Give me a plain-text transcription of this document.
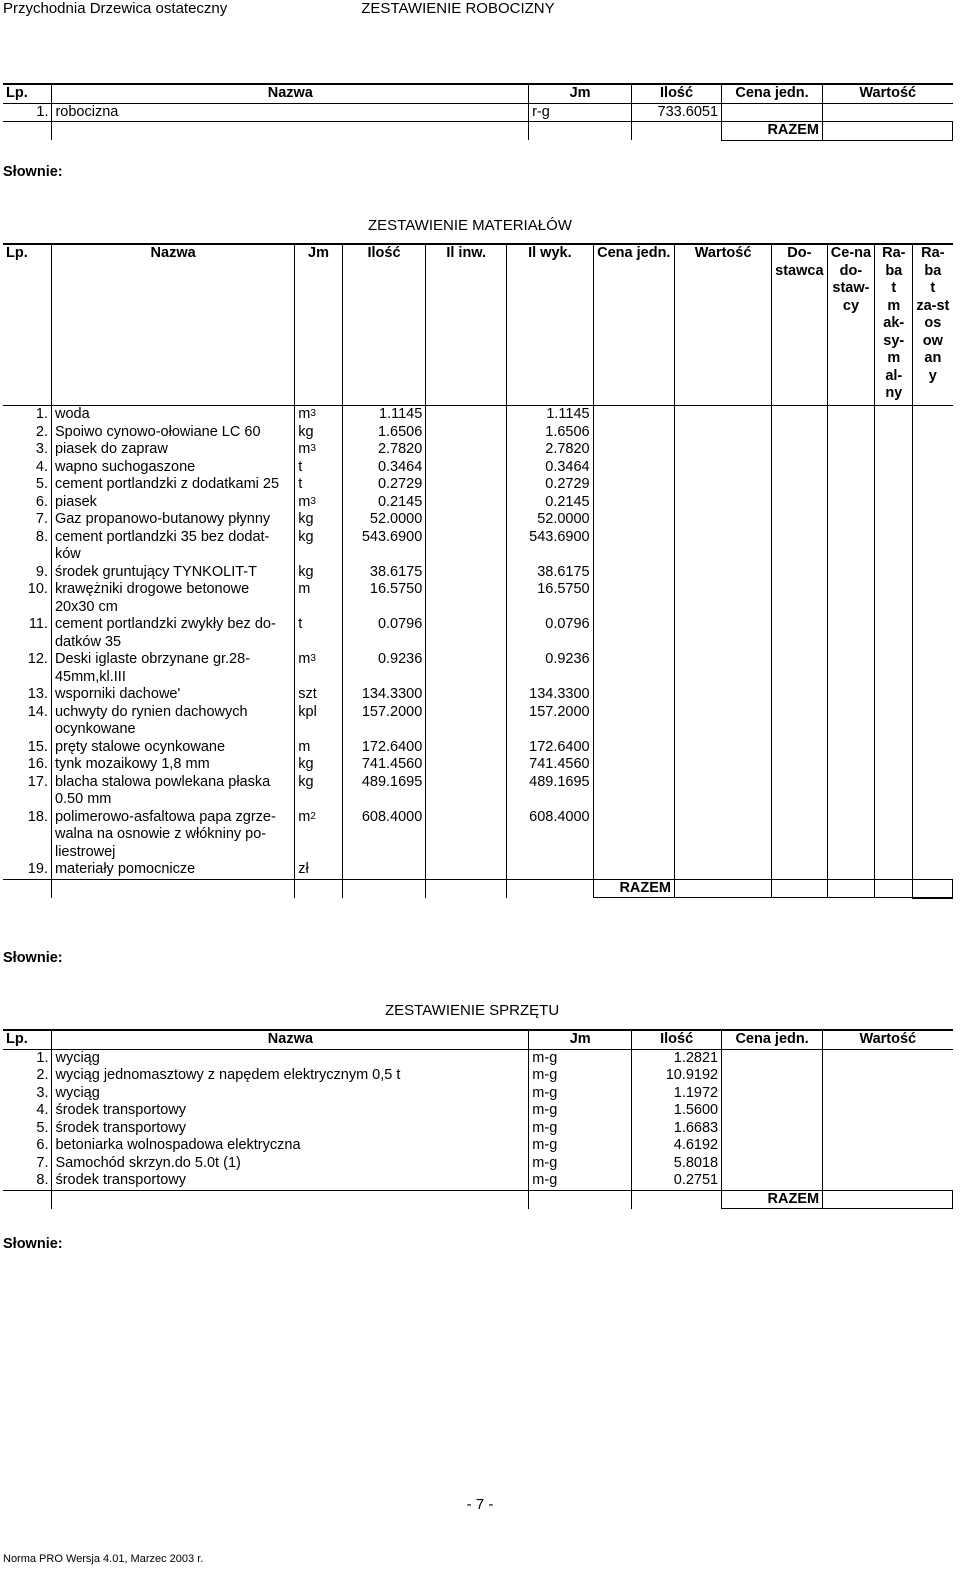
Przychodnia Drzewica ostateczny	ZESTAWIENIE ROBOCIZNY
Lp.	Nazwa	Jm	Ilość	Cena jedn.	Wartość
1.	robocizna	r-g	733.6051		
				RAZEM	
Słownie:
ZESTAWIENIE MATERIAŁÓW
Lp.	Nazwa	Jm	Ilość	Il inw.	Il wyk.	Cena jedn.	Wartość	Do-stawca	Ce-na do-staw-cy	Ra-ba t m ak-sy-m al-ny	Ra-ba t za-st os ow an y
1.	woda	$m^3$	1.1145		1.1145						
2.	Spoiwo cynowo-ołowiane LC 60	kg	1.6506		1.6506						
3.	piasek do zapraw	$m^3$	2.7820		2.7820						
4.	wapno suchogaszone	t	0.3464		0.3464						
5.	cement portlandzki z dodatkami 25	t	0.2729		0.2729						
6.	piasek	$m^3$	0.2145		0.2145						
7.	Gaz propanowo-butanowy płynny	kg	52.0000		52.0000						
8.	cement portlandzki 35 bez dodat-ków	kg	543.6900		543.6900						
9.	środek gruntujący TYNKOLIT-T	kg	38.6175		38.6175						
10.	krawężniki drogowe betonowe 20x30 cm	m	16.5750		16.5750						
11.	cement portlandzki zwykły bez do-datków 35	t	0.0796		0.0796						
12.	Deski iglaste obrzynane gr.28-45mm,kl.III	$m^3$	0.9236		0.9236						
13.	wsporniki dachowe'	szt	134.3300		134.3300						
14.	uchwyty do rynien dachowych ocynkowane	kpl	157.2000		157.2000						
15.	pręty stalowe ocynkowane	m	172.6400		172.6400						
16.	tynk mozaikowy 1,8 mm	kg	741.4560		741.4560						
17.	blacha stalowa powlekana płaska 0.50 mm	kg	489.1695		489.1695						
18.	polimerowo-asfaltowa papa zgrze-walna na osnowie z włókniny po-liestrowej	$m^2$	608.4000		608.4000						
19.	materiały pomocnicze	zł									
						RAZEM					
Słownie:
ZESTAWIENIE SPRZĘTU
Lp.	Nazwa	Jm	Ilość	Cena jedn.	Wartość
1.	wyciąg	m-g	1.2821		
2.	wyciąg jednomasztowy z napędem elektrycznym 0,5 t	m-g	10.9192		
3.	wyciąg	m-g	1.1972		
4.	środek transportowy	m-g	1.5600		
5.	środek transportowy	m-g	1.6683		
6.	betoniarka wolnospadowa elektryczna	m-g	4.6192		
7.	Samochód skrzyn.do 5.0t (1)	m-g	5.8018		
8.	środek transportowy	m-g	0.2751		
				RAZEM	
Słownie:
- 7 -
Norma PRO Wersja 4.01, Marzec 2003 r.
